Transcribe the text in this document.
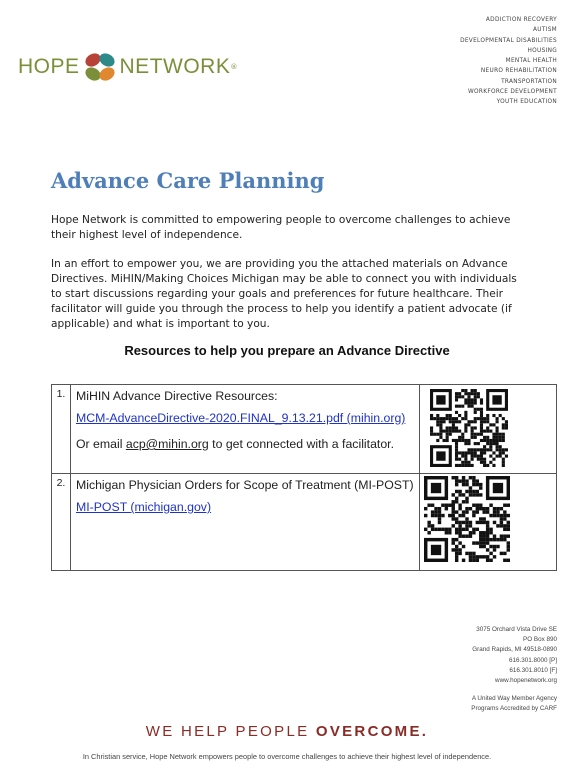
HOPE NETWORK ®
ADDICTION RECOVERY
AUTISM
DEVELOPMENTAL DISABILITIES
HOUSING
MENTAL HEALTH
NEURO REHABILITATION
TRANSPORTATION
WORKFORCE DEVELOPMENT
YOUTH EDUCATION
Advance Care Planning
Hope Network is committed to empowering people to overcome challenges to achieve their highest level of independence.
In an effort to empower you, we are providing you the attached materials on Advance Directives. MiHIN/Making Choices Michigan may be able to connect you with individuals to start discussions regarding your goals and preferences for future healthcare. Their facilitator will guide you through the process to help you identify a patient advocate (if applicable) and what is important to you.
Resources to help you prepare an Advance Directive
1.	MiHIN Advance Directive Resources:
MCM-AdvanceDirective-2020.FINAL_9.13.21.pdf (mihin.org)
Or email acp@mihin.org to get connected with a facilitator.

2.	Michigan Physician Orders for Scope of Treatment (MI-POST)
MI-POST (michigan.gov)

3075 Orchard Vista Drive SE
PO Box 890
Grand Rapids, MI 49518-0890
616.301.8000 [P]
616.301.8010 [F]
www.hopenetwork.org
A United Way Member Agency
Programs Accredited by CARF
WE HELP PEOPLE OVERCOME.
In Christian service, Hope Network empowers people to overcome challenges to achieve their highest level of independence.
